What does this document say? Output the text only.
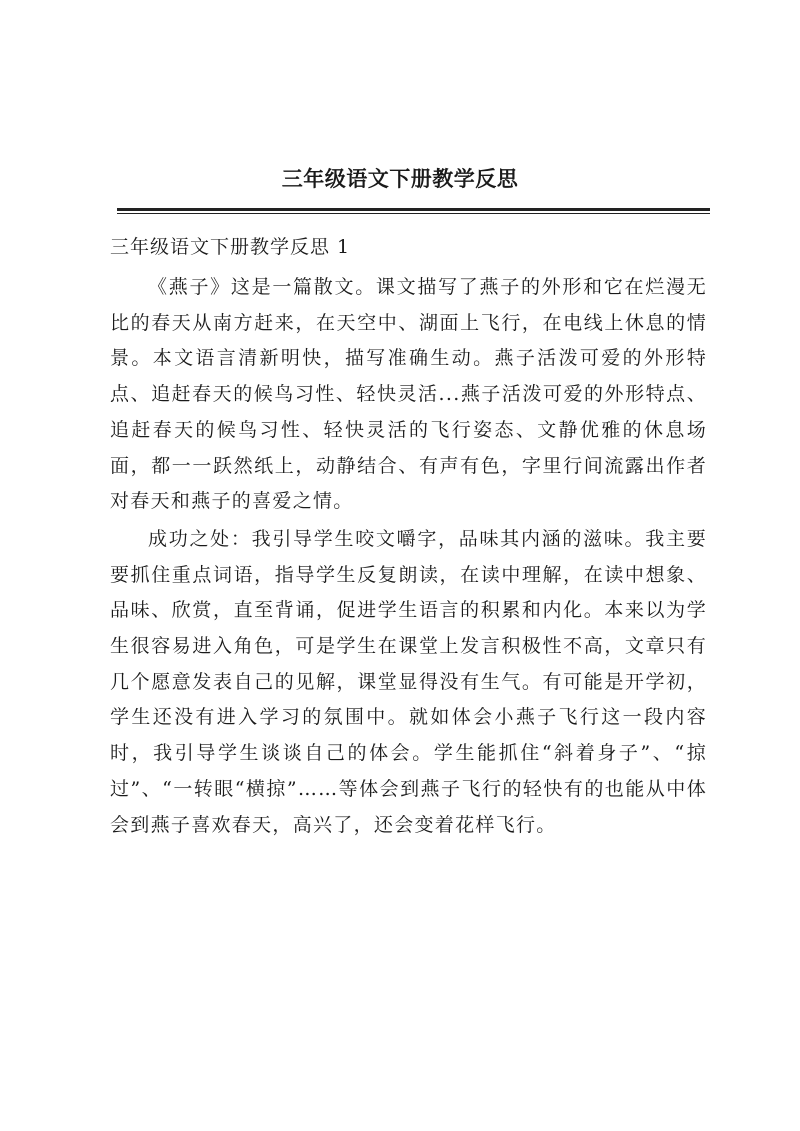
三年级语文下册教学反思

三年级语文下册教学反思 1

《燕子》这是一篇散文。课文描写了燕子的外形和它在烂漫无比的春天从南方赶来，在天空中、湖面上飞行，在电线上休息的情景。本文语言清新明快，描写准确生动。燕子活泼可爱的外形特点、追赶春天的候鸟习性、轻快灵活...燕子活泼可爱的外形特点、追赶春天的候鸟习性、轻快灵活的飞行姿态、文静优雅的休息场面，都一一跃然纸上，动静结合、有声有色，字里行间流露出作者对春天和燕子的喜爱之情。

成功之处：我引导学生咬文嚼字，品味其内涵的滋味。我主要要抓住重点词语，指导学生反复朗读，在读中理解，在读中想象、品味、欣赏，直至背诵，促进学生语言的积累和内化。本来以为学生很容易进入角色，可是学生在课堂上发言积极性不高，文章只有几个愿意发表自己的见解，课堂显得没有生气。有可能是开学初，学生还没有进入学习的氛围中。就如体会小燕子飞行这一段内容时，我引导学生谈谈自己的体会。学生能抓住“斜着身子”、“掠过”、“一转眼“横掠”……等体会到燕子飞行的轻快有的也能从中体会到燕子喜欢春天，高兴了，还会变着花样飞行。
